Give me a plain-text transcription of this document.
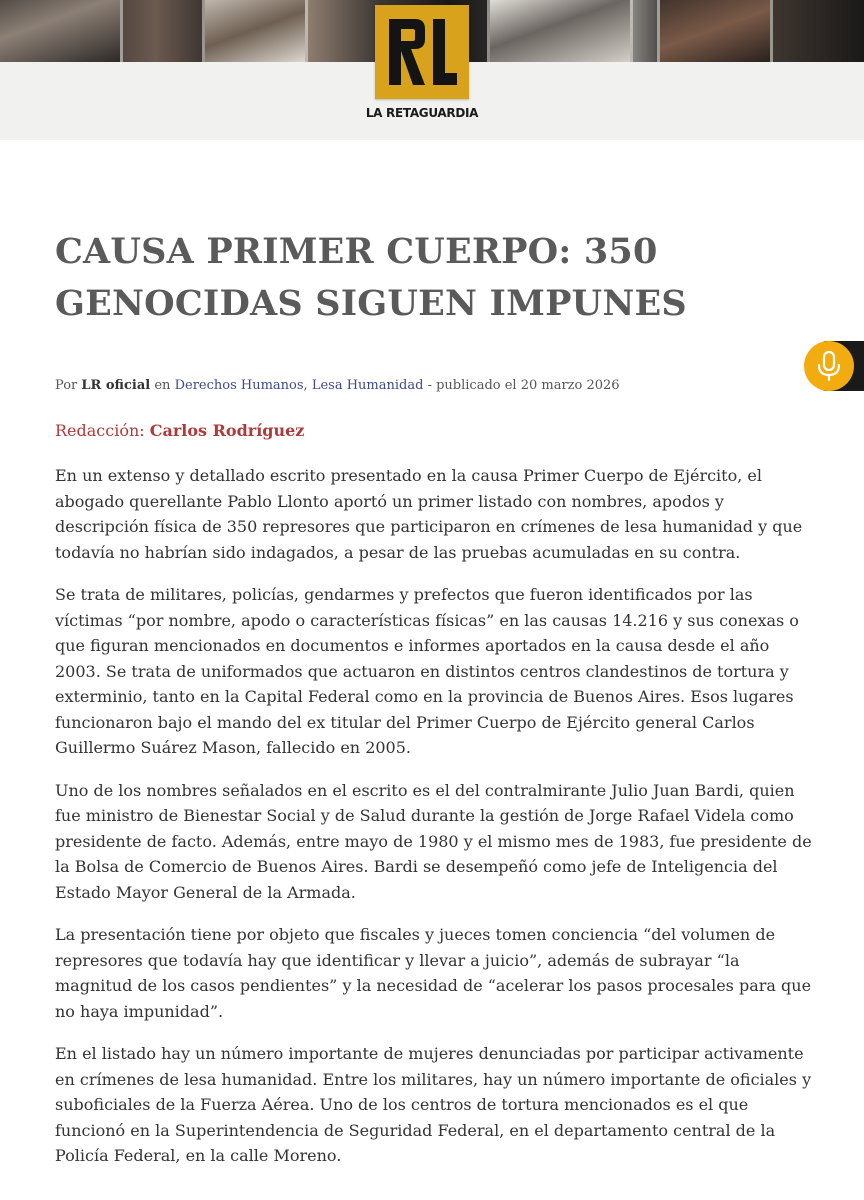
LA RETAGUARDIA
CAUSA PRIMER CUERPO: 350 GENOCIDAS SIGUEN IMPUNES
Por LR oficial en Derechos Humanos, Lesa Humanidad - publicado el 20 marzo 2026
Redacción: Carlos Rodríguez

En un extenso y detallado escrito presentado en la causa Primer Cuerpo de Ejército, el abogado querellante Pablo Llonto aportó un primer listado con nombres, apodos y descripción física de 350 represores que participaron en crímenes de lesa humanidad y que todavía no habrían sido indagados, a pesar de las pruebas acumuladas en su contra.

Se trata de militares, policías, gendarmes y prefectos que fueron identificados por las víctimas “por nombre, apodo o características físicas” en las causas 14.216 y sus conexas o que figuran mencionados en documentos e informes aportados en la causa desde el año 2003. Se trata de uniformados que actuaron en distintos centros clandestinos de tortura y exterminio, tanto en la Capital Federal como en la provincia de Buenos Aires. Esos lugares funcionaron bajo el mando del ex titular del Primer Cuerpo de Ejército general Carlos Guillermo Suárez Mason, fallecido en 2005.

Uno de los nombres señalados en el escrito es el del contralmirante Julio Juan Bardi, quien fue ministro de Bienestar Social y de Salud durante la gestión de Jorge Rafael Videla como presidente de facto. Además, entre mayo de 1980 y el mismo mes de 1983, fue presidente de la Bolsa de Comercio de Buenos Aires. Bardi se desempeñó como jefe de Inteligencia del Estado Mayor General de la Armada.

La presentación tiene por objeto que fiscales y jueces tomen conciencia “del volumen de represores que todavía hay que identificar y llevar a juicio”, además de subrayar “la magnitud de los casos pendientes” y la necesidad de “acelerar los pasos procesales para que no haya impunidad”.

En el listado hay un número importante de mujeres denunciadas por participar activamente en crímenes de lesa humanidad. Entre los militares, hay un número importante de oficiales y suboficiales de la Fuerza Aérea. Uno de los centros de tortura mencionados es el que funcionó en la Superintendencia de Seguridad Federal, en el departamento central de la Policía Federal, en la calle Moreno.
